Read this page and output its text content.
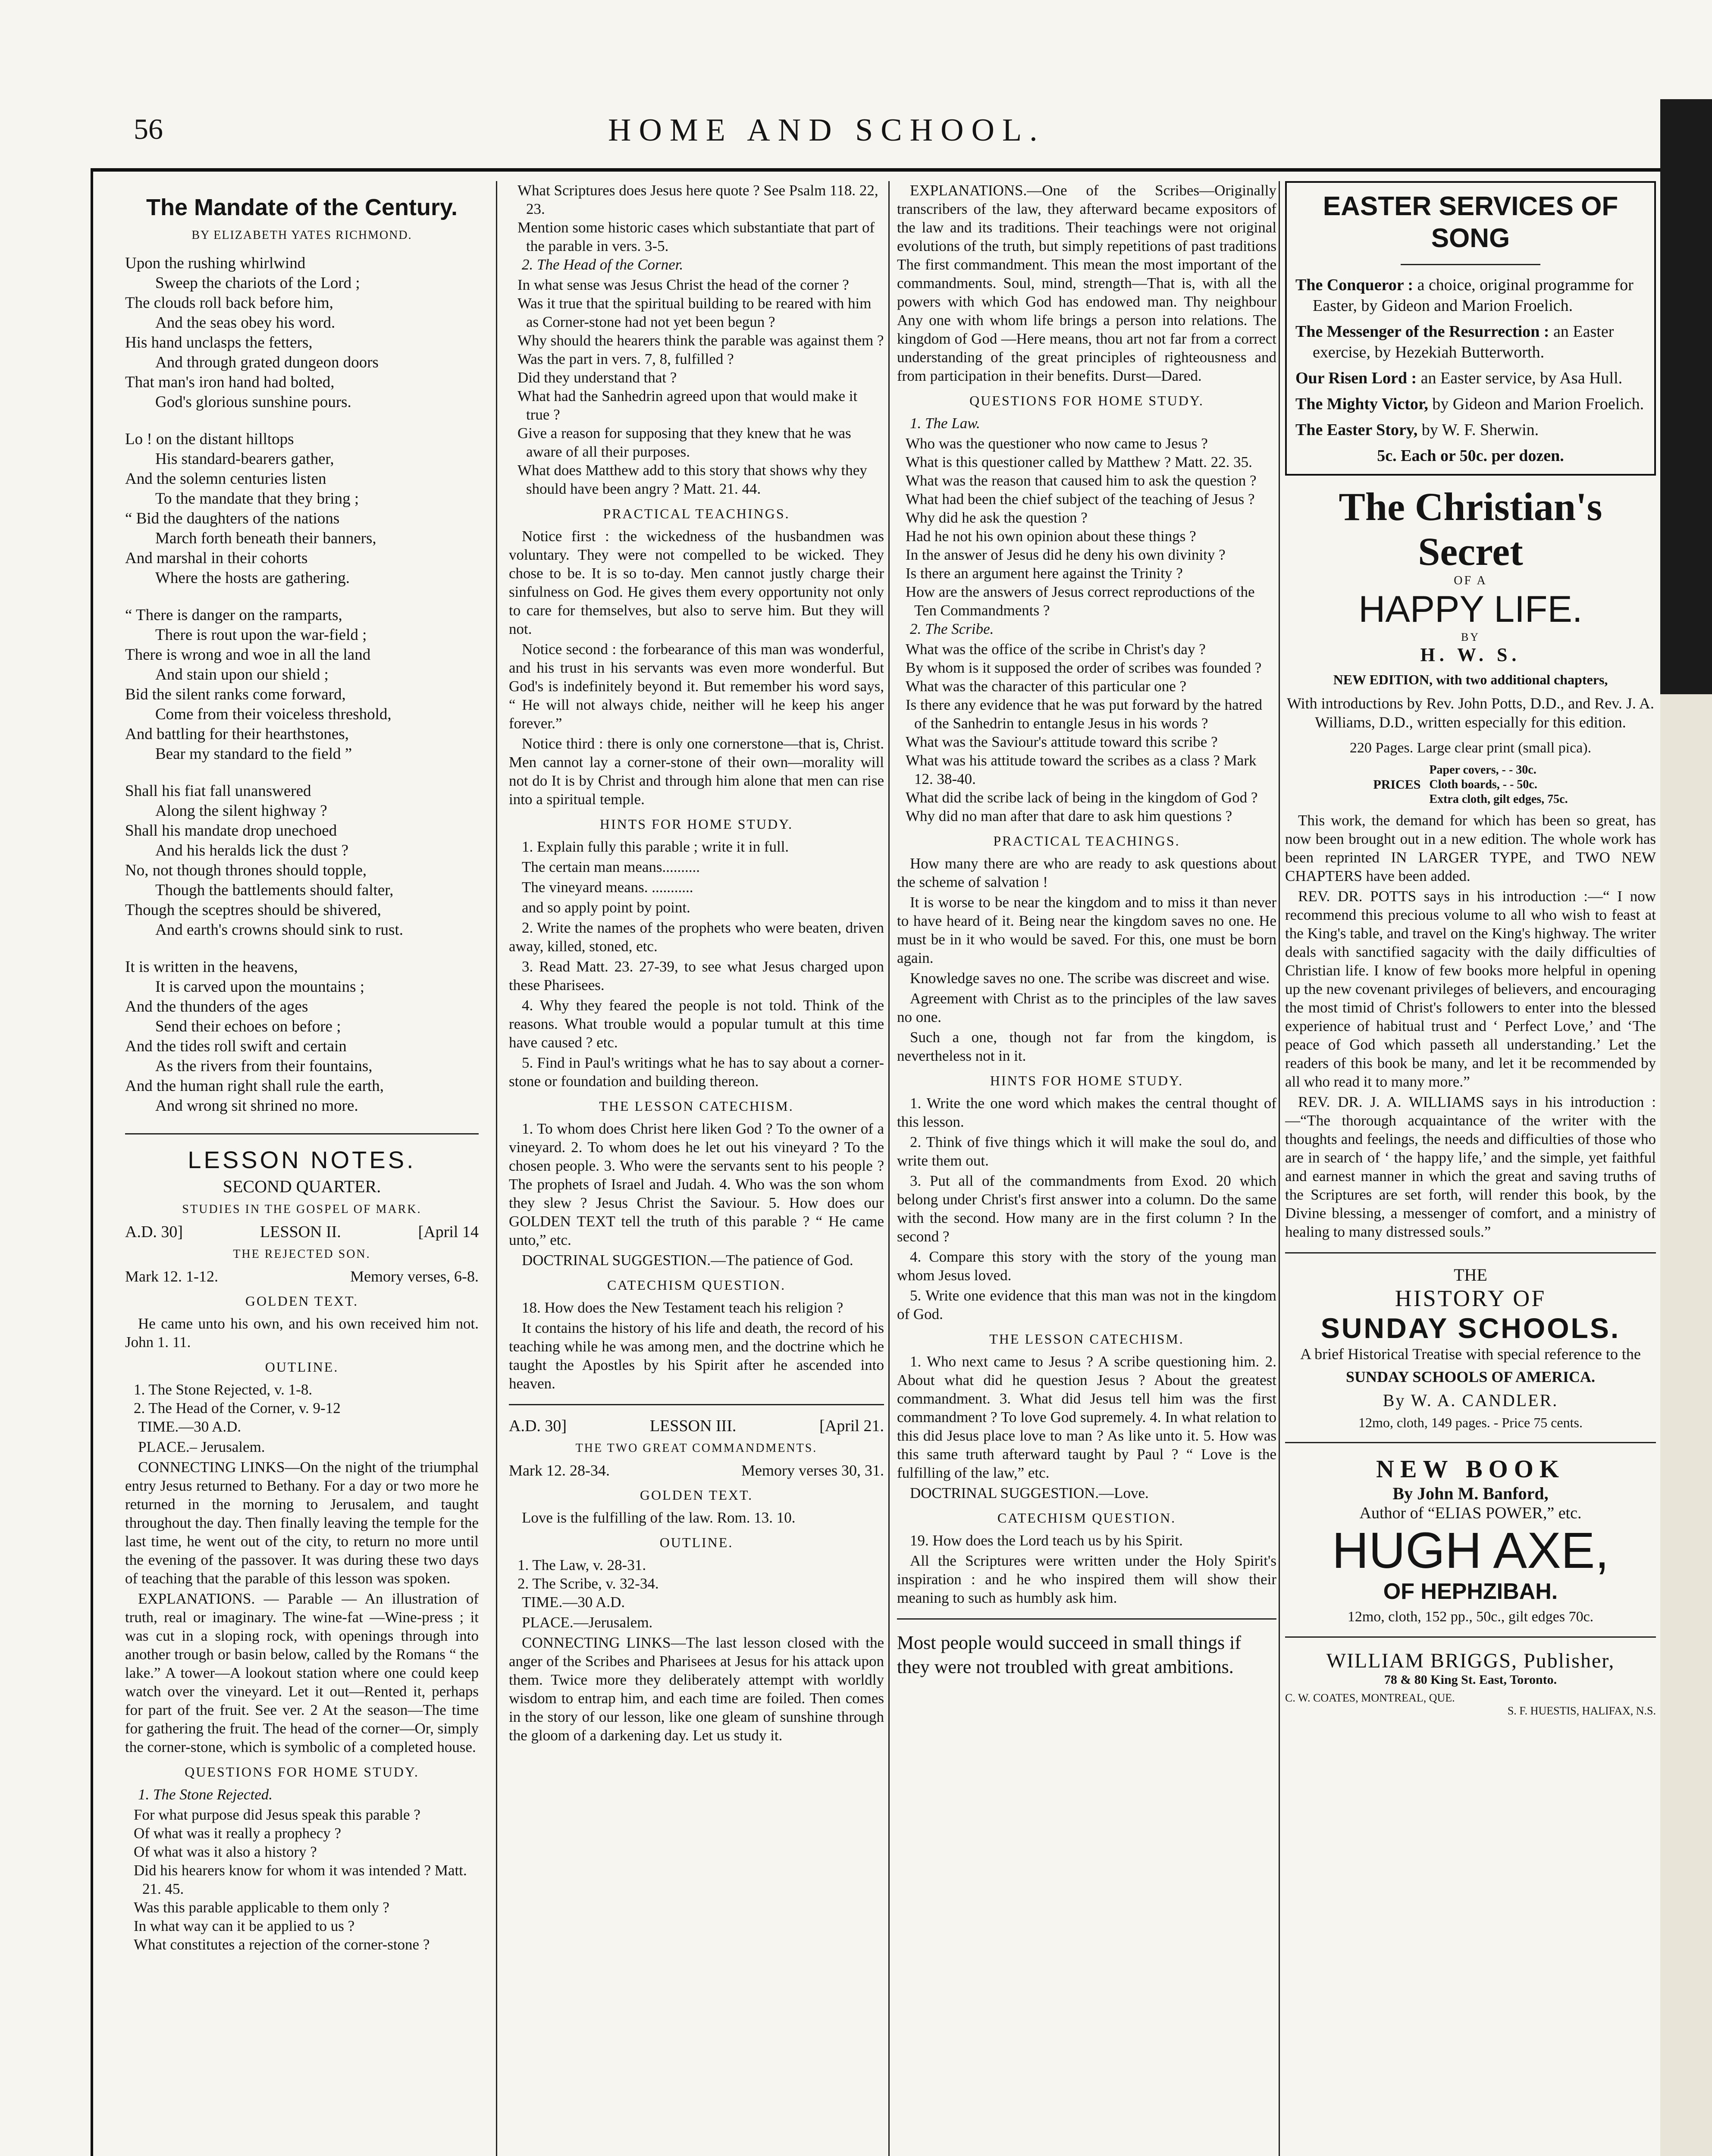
56	HOME AND SCHOOL.
The Mandate of the Century.
BY ELIZABETH YATES RICHMOND.
Upon the rushing whirlwind
Sweep the chariots of the Lord ;
The clouds roll back before him,
And the seas obey his word.
His hand unclasps the fetters,
And through grated dungeon doors
That man's iron hand had bolted,
God's glorious sunshine pours.
Lo ! on the distant hilltops
His standard-bearers gather,
And the solemn centuries listen
To the mandate that they bring ;
“ Bid the daughters of the nations
March forth beneath their banners,
And marshal in their cohorts
Where the hosts are gathering.
“ There is danger on the ramparts,
There is rout upon the war-field ;
There is wrong and woe in all the land
And stain upon our shield ;
Bid the silent ranks come forward,
Come from their voiceless threshold,
And battling for their hearthstones,
Bear my standard to the field ”
Shall his fiat fall unanswered
Along the silent highway ?
Shall his mandate drop unechoed
And his heralds lick the dust ?
No, not though thrones should topple,
Though the battlements should falter,
Though the sceptres should be shivered,
And earth's crowns should sink to rust.
It is written in the heavens,
It is carved upon the mountains ;
And the thunders of the ages
Send their echoes on before ;
And the tides roll swift and certain
As the rivers from their fountains,
And the human right shall rule the earth,
And wrong sit shrined no more.
LESSON NOTES.
SECOND QUARTER.
STUDIES IN THE GOSPEL OF MARK.
A.D. 30]	LESSON II.	[April 14
THE REJECTED SON.
Mark 12. 1-12.	Memory verses, 6-8.
GOLDEN TEXT.

He came unto his own, and his own received him not. John 1. 11.

OUTLINE.

1. The Stone Rejected, v. 1-8.

2. The Head of the Corner, v. 9-12

TIME.—30 A.D.

PLACE.– Jerusalem.

CONNECTING LINKS—On the night of the triumphal entry Jesus returned to Bethany. For a day or two more he returned in the morning to Jerusalem, and taught throughout the day. Then finally leaving the temple for the last time, he went out of the city, to return no more until the evening of the passover. It was during these two days of teaching that the parable of this lesson was spoken.

EXPLANATIONS. — Parable — An illustration of truth, real or imaginary. The wine-fat —Wine-press ; it was cut in a sloping rock, with openings through into another trough or basin below, called by the Romans “ the lake.” A tower—A lookout station where one could keep watch over the vineyard. Let it out—Rented it, perhaps for part of the fruit. See ver. 2 At the season—The time for gathering the fruit. The head of the corner—Or, simply the corner-stone, which is symbolic of a completed house.

QUESTIONS FOR HOME STUDY.

1. The Stone Rejected.

For what purpose did Jesus speak this parable ?

Of what was it really a prophecy ?

Of what was it also a history ?

Did his hearers know for whom it was intended ? Matt. 21. 45.

Was this parable applicable to them only ?

In what way can it be applied to us ?

What constitutes a rejection of the corner-stone ?

What Scriptures does Jesus here quote ? See Psalm 118. 22, 23.

Mention some historic cases which substantiate that part of the parable in vers. 3-5.

2. The Head of the Corner.

In what sense was Jesus Christ the head of the corner ?

Was it true that the spiritual building to be reared with him as Corner-stone had not yet been begun ?

Why should the hearers think the parable was against them ?

Was the part in vers. 7, 8, fulfilled ?

Did they understand that ?

What had the Sanhedrin agreed upon that would make it true ?

Give a reason for supposing that they knew that he was aware of all their purposes.

What does Matthew add to this story that shows why they should have been angry ? Matt. 21. 44.

PRACTICAL TEACHINGS.

Notice first : the wickedness of the husbandmen was voluntary. They were not compelled to be wicked. They chose to be. It is so to-day. Men cannot justly charge their sinfulness on God. He gives them every opportunity not only to care for themselves, but also to serve him. But they will not.

Notice second : the forbearance of this man was wonderful, and his trust in his servants was even more wonderful. But God's is indefinitely beyond it. But remember his word says, “ He will not always chide, neither will he keep his anger forever.”

Notice third : there is only one cornerstone—that is, Christ. Men cannot lay a corner-stone of their own—morality will not do It is by Christ and through him alone that men can rise into a spiritual temple.

HINTS FOR HOME STUDY.

1. Explain fully this parable ; write it in full.

The certain man means..........

The vineyard means. ...........

and so apply point by point.

2. Write the names of the prophets who were beaten, driven away, killed, stoned, etc.

3. Read Matt. 23. 27-39, to see what Jesus charged upon these Pharisees.

4. Why they feared the people is not told. Think of the reasons. What trouble would a popular tumult at this time have caused ? etc.

5. Find in Paul's writings what he has to say about a corner-stone or foundation and building thereon.

THE LESSON CATECHISM.

1. To whom does Christ here liken God ? To the owner of a vineyard. 2. To whom does he let out his vineyard ? To the chosen people. 3. Who were the servants sent to his people ? The prophets of Israel and Judah. 4. Who was the son whom they slew ? Jesus Christ the Saviour. 5. How does our GOLDEN TEXT tell the truth of this parable ? “ He came unto,” etc.

DOCTRINAL SUGGESTION.—The patience of God.

CATECHISM QUESTION.

18. How does the New Testament teach his religion ?

It contains the history of his life and death, the record of his teaching while he was among men, and the doctrine which he taught the Apostles by his Spirit after he ascended into heaven.

A.D. 30]	LESSON III.	[April 21.
THE TWO GREAT COMMANDMENTS.
Mark 12. 28-34.	Memory verses 30, 31.
GOLDEN TEXT.

Love is the fulfilling of the law. Rom. 13. 10.

OUTLINE.

1. The Law, v. 28-31.

2. The Scribe, v. 32-34.

TIME.—30 A.D.

PLACE.—Jerusalem.

CONNECTING LINKS—The last lesson closed with the anger of the Scribes and Pharisees at Jesus for his attack upon them. Twice more they deliberately attempt with worldly wisdom to entrap him, and each time are foiled. Then comes in the story of our lesson, like one gleam of sunshine through the gloom of a darkening day. Let us study it.

EXPLANATIONS.—One of the Scribes—Originally transcribers of the law, they afterward became expositors of the law and its traditions. Their teachings were not original evolutions of the truth, but simply repetitions of past traditions The first commandment. This mean the most important of the commandments. Soul, mind, strength—That is, with all the powers with which God has endowed man. Thy neighbour Any one with whom life brings a person into relations. The kingdom of God —Here means, thou art not far from a correct understanding of the great principles of righteousness and from participation in their benefits. Durst—Dared.

QUESTIONS FOR HOME STUDY.

1. The Law.

Who was the questioner who now came to Jesus ?

What is this questioner called by Matthew ? Matt. 22. 35.

What was the reason that caused him to ask the question ?

What had been the chief subject of the teaching of Jesus ?

Why did he ask the question ?

Had he not his own opinion about these things ?

In the answer of Jesus did he deny his own divinity ?

Is there an argument here against the Trinity ?

How are the answers of Jesus correct reproductions of the Ten Commandments ?

2. The Scribe.

What was the office of the scribe in Christ's day ?

By whom is it supposed the order of scribes was founded ?

What was the character of this particular one ?

Is there any evidence that he was put forward by the hatred of the Sanhedrin to entangle Jesus in his words ?

What was the Saviour's attitude toward this scribe ?

What was his attitude toward the scribes as a class ? Mark 12. 38-40.

What did the scribe lack of being in the kingdom of God ?

Why did no man after that dare to ask him questions ?

PRACTICAL TEACHINGS.

How many there are who are ready to ask questions about the scheme of salvation !

It is worse to be near the kingdom and to miss it than never to have heard of it. Being near the kingdom saves no one. He must be in it who would be saved. For this, one must be born again.

Knowledge saves no one. The scribe was discreet and wise.

Agreement with Christ as to the principles of the law saves no one.

Such a one, though not far from the kingdom, is nevertheless not in it.

HINTS FOR HOME STUDY.

1. Write the one word which makes the central thought of this lesson.

2. Think of five things which it will make the soul do, and write them out.

3. Put all of the commandments from Exod. 20 which belong under Christ's first answer into a column. Do the same with the second. How many are in the first column ? In the second ?

4. Compare this story with the story of the young man whom Jesus loved.

5. Write one evidence that this man was not in the kingdom of God.

THE LESSON CATECHISM.

1. Who next came to Jesus ? A scribe questioning him. 2. About what did he question Jesus ? About the greatest commandment. 3. What did Jesus tell him was the first commandment ? To love God supremely. 4. In what relation to this did Jesus place love to man ? As like unto it. 5. How was this same truth afterward taught by Paul ? “ Love is the fulfilling of the law,” etc.

DOCTRINAL SUGGESTION.—Love.

CATECHISM QUESTION.

19. How does the Lord teach us by his Spirit.

All the Scriptures were written under the Holy Spirit's inspiration : and he who inspired them will show their meaning to such as humbly ask him.

Most people would succeed in small things if they were not troubled with great ambitions.

EASTER SERVICES OF SONG

The Conqueror : a choice, original programme for Easter, by Gideon and Marion Froelich.

The Messenger of the Resurrection : an Easter exercise, by Hezekiah Butterworth.

Our Risen Lord : an Easter service, by Asa Hull.

The Mighty Victor, by Gideon and Marion Froelich.

The Easter Story, by W. F. Sherwin.

5c. Each or 50c. per dozen.
The Christian's Secret
OF A
HAPPY LIFE.
BY
H. W. S.
NEW EDITION, with two additional chapters,

With introductions by Rev. John Potts, D.D., and Rev. J. A. Williams, D.D., written especially for this edition.

220 Pages. Large clear print (small pica).

PRICES

Paper covers, - - 30c.

Cloth boards, - - 50c.

Extra cloth, gilt edges, 75c.

This work, the demand for which has been so great, has now been brought out in a new edition. The whole work has been reprinted IN LARGER TYPE, and TWO NEW CHAPTERS have been added.

REV. DR. POTTS says in his introduction :—“ I now recommend this precious volume to all who wish to feast at the King's table, and travel on the King's highway. The writer deals with sanctified sagacity with the daily difficulties of Christian life. I know of few books more helpful in opening up the new covenant privileges of believers, and encouraging the most timid of Christ's followers to enter into the blessed experience of habitual trust and ‘ Perfect Love,’ and ‘The peace of God which passeth all understanding.’ Let the readers of this book be many, and let it be recommended by all who read it to many more.”

REV. DR. J. A. WILLIAMS says in his introduction :—“The thorough acquaintance of the writer with the thoughts and feelings, the needs and difficulties of those who are in search of ‘ the happy life,’ and the simple, yet faithful and earnest manner in which the great and saving truths of the Scriptures are set forth, will render this book, by the Divine blessing, a messenger of comfort, and a ministry of healing to many distressed souls.”

THE
HISTORY OF
SUNDAY SCHOOLS.

A brief Historical Treatise with special reference to the

SUNDAY SCHOOLS OF AMERICA.
By W. A. CANDLER.
12mo, cloth, 149 pages. - Price 75 cents.
NEW BOOK
By John M. Banford,
Author of “ELIAS POWER,” etc.
HUGH AXE,
OF HEPHZIBAH.
12mo, cloth, 152 pp., 50c., gilt edges 70c.
WILLIAM BRIGGS, Publisher,
78 & 80 King St. East, Toronto.
C. W. COATES, MONTREAL, QUE.
S. F. HUESTIS, HALIFAX, N.S.
